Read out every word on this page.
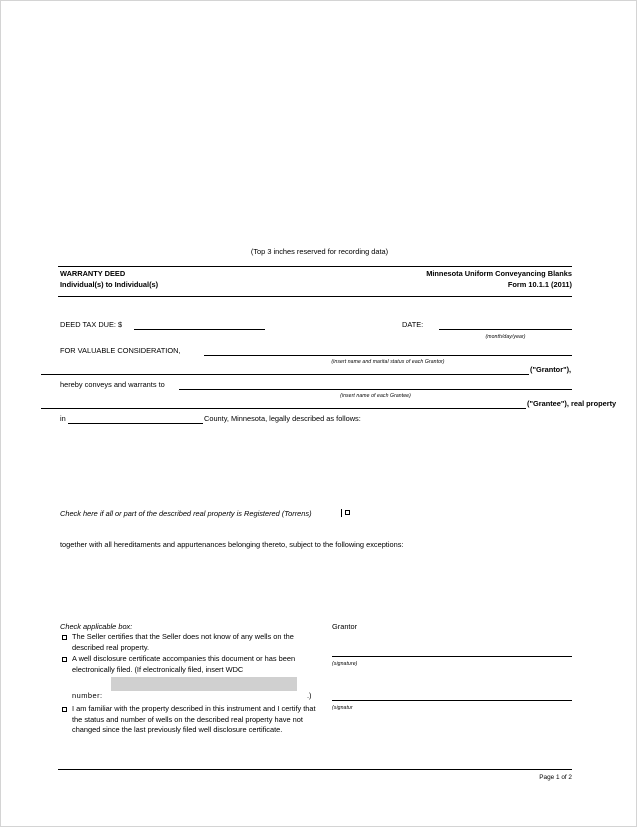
(Top 3 inches reserved for recording data)
WARRANTY DEED
Individual(s) to Individual(s)
Minnesota Uniform Conveyancing Blanks
Form 10.1.1 (2011)
DEED TAX DUE: $	DATE:
(month/day/year)
FOR VALUABLE CONSIDERATION,
(insert name and marital status of each Grantor)
("Grantor"),
hereby conveys and warrants to
(insert name of each Grantee)
("Grantee"), real property
in	County, Minnesota, legally described as follows:
Check here if all or part of the described real property is Registered (Torrens)
together with all hereditaments and appurtenances belonging thereto, subject to the following exceptions:
Check applicable box:
The Seller certifies that the Seller does not know of any wells on the described real property.
A well disclosure certificate accompanies this document or has been electronically filed. (If electronically filed, insert WDC
number:	.)
I am familiar with the property described in this instrument and I certify that the status and number of wells on the described real property have not changed since the last previously filed well disclosure certificate.
Grantor
(signature)
(signatur
Page 1 of 2
